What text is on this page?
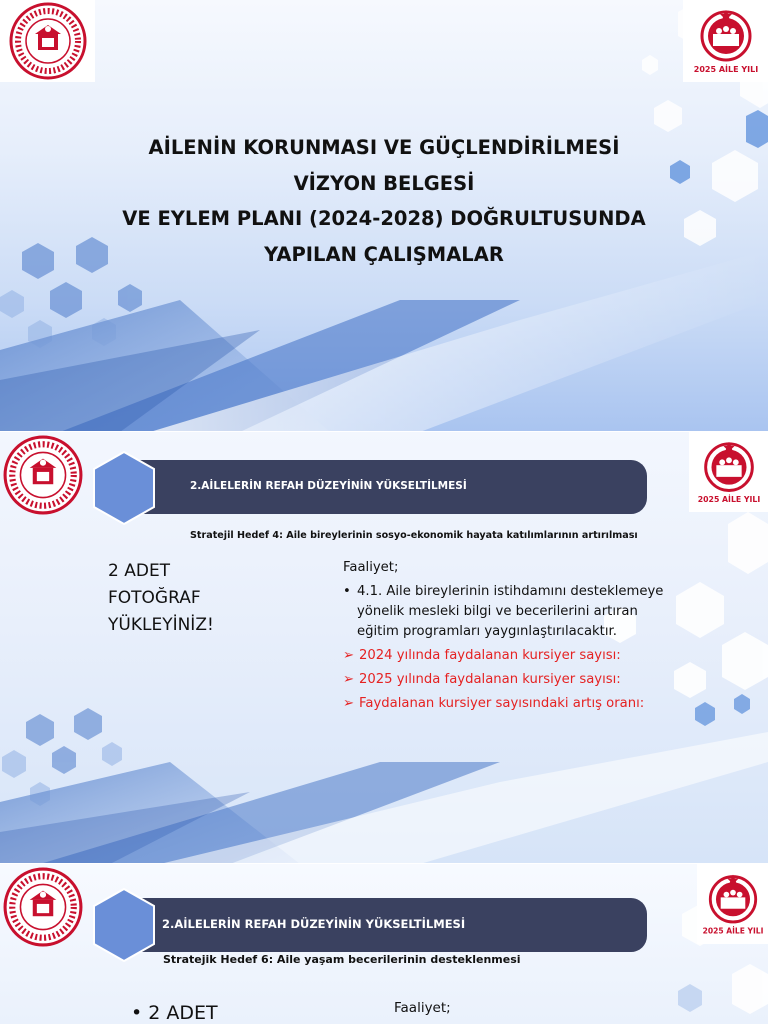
2025 AİLE YILI
AİLENİN KORUNMASI VE GÜÇLENDİRİLMESİ
VİZYON BELGESİ
VE EYLEM PLANI (2024-2028) DOĞRULTUSUNDA
YAPILAN ÇALIŞMALAR
2025 AİLE YILI
2.AİLELERİN REFAH DÜZEYİNİN YÜKSELTİLMESİ
Stratejil Hedef 4: Aile bireylerinin sosyo-ekonomik hayata katılımlarının artırılması
2 ADET
FOTOĞRAF
YÜKLEYİNİZ!
Faaliyet;
• 4.1. Aile bireylerinin istihdamını desteklemeye yönelik mesleki bilgi ve becerilerini artıran eğitim programları yaygınlaştırılacaktır.
➢ 2024 yılında faydalanan kursiyer sayısı:
➢ 2025 yılında faydalanan kursiyer sayısı:
➢ Faydalanan kursiyer sayısındaki artış oranı:
2025 AİLE YILI
2.AİLELERİN REFAH DÜZEYİNİN YÜKSELTİLMESİ
Stratejik Hedef 6: Aile yaşam becerilerinin desteklenmesi
• 2 ADET	Faaliyet;
